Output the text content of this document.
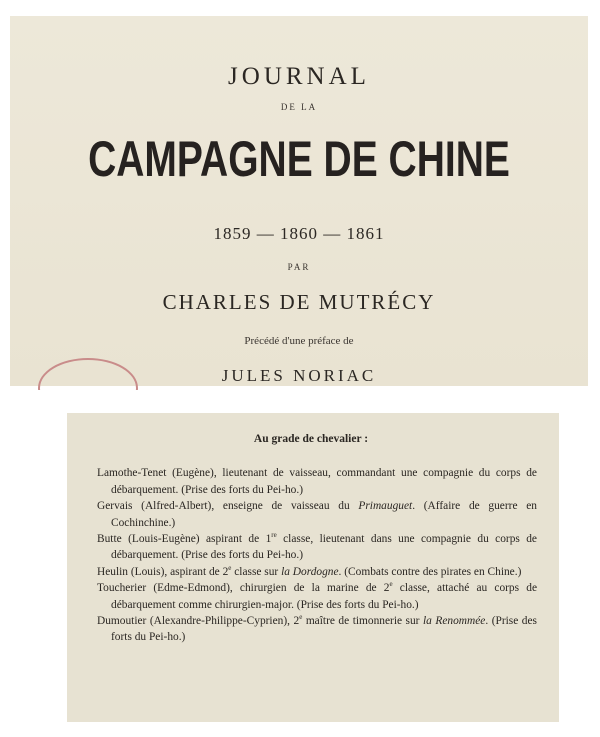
JOURNAL
DE LA
CAMPAGNE DE CHINE
1859 — 1860 — 1861
PAR
CHARLES DE MUTRÉCY
Précédé d'une préface de
JULES NORIAC
Au grade de chevalier :

Lamothe-Tenet (Eugène), lieutenant de vaisseau, commandant une compagnie du corps de débarquement. (Prise des forts du Pei-ho.)

Gervais (Alfred-Albert), enseigne de vaisseau du Primauguet. (Affaire de guerre en Cochinchine.)

Butte (Louis-Eugène) aspirant de 1re classe, lieutenant dans une compagnie du corps de débarquement. (Prise des forts du Pei-ho.)

Heulin (Louis), aspirant de 2e classe sur la Dordogne. (Combats contre des pirates en Chine.)

Toucherier (Edme-Edmond), chirurgien de la marine de 2e classe, attaché au corps de débarquement comme chirurgien-major. (Prise des forts du Pei-ho.)

Dumoutier (Alexandre-Philippe-Cyprien), 2e maître de timonnerie sur la Renommée. (Prise des forts du Pei-ho.)
